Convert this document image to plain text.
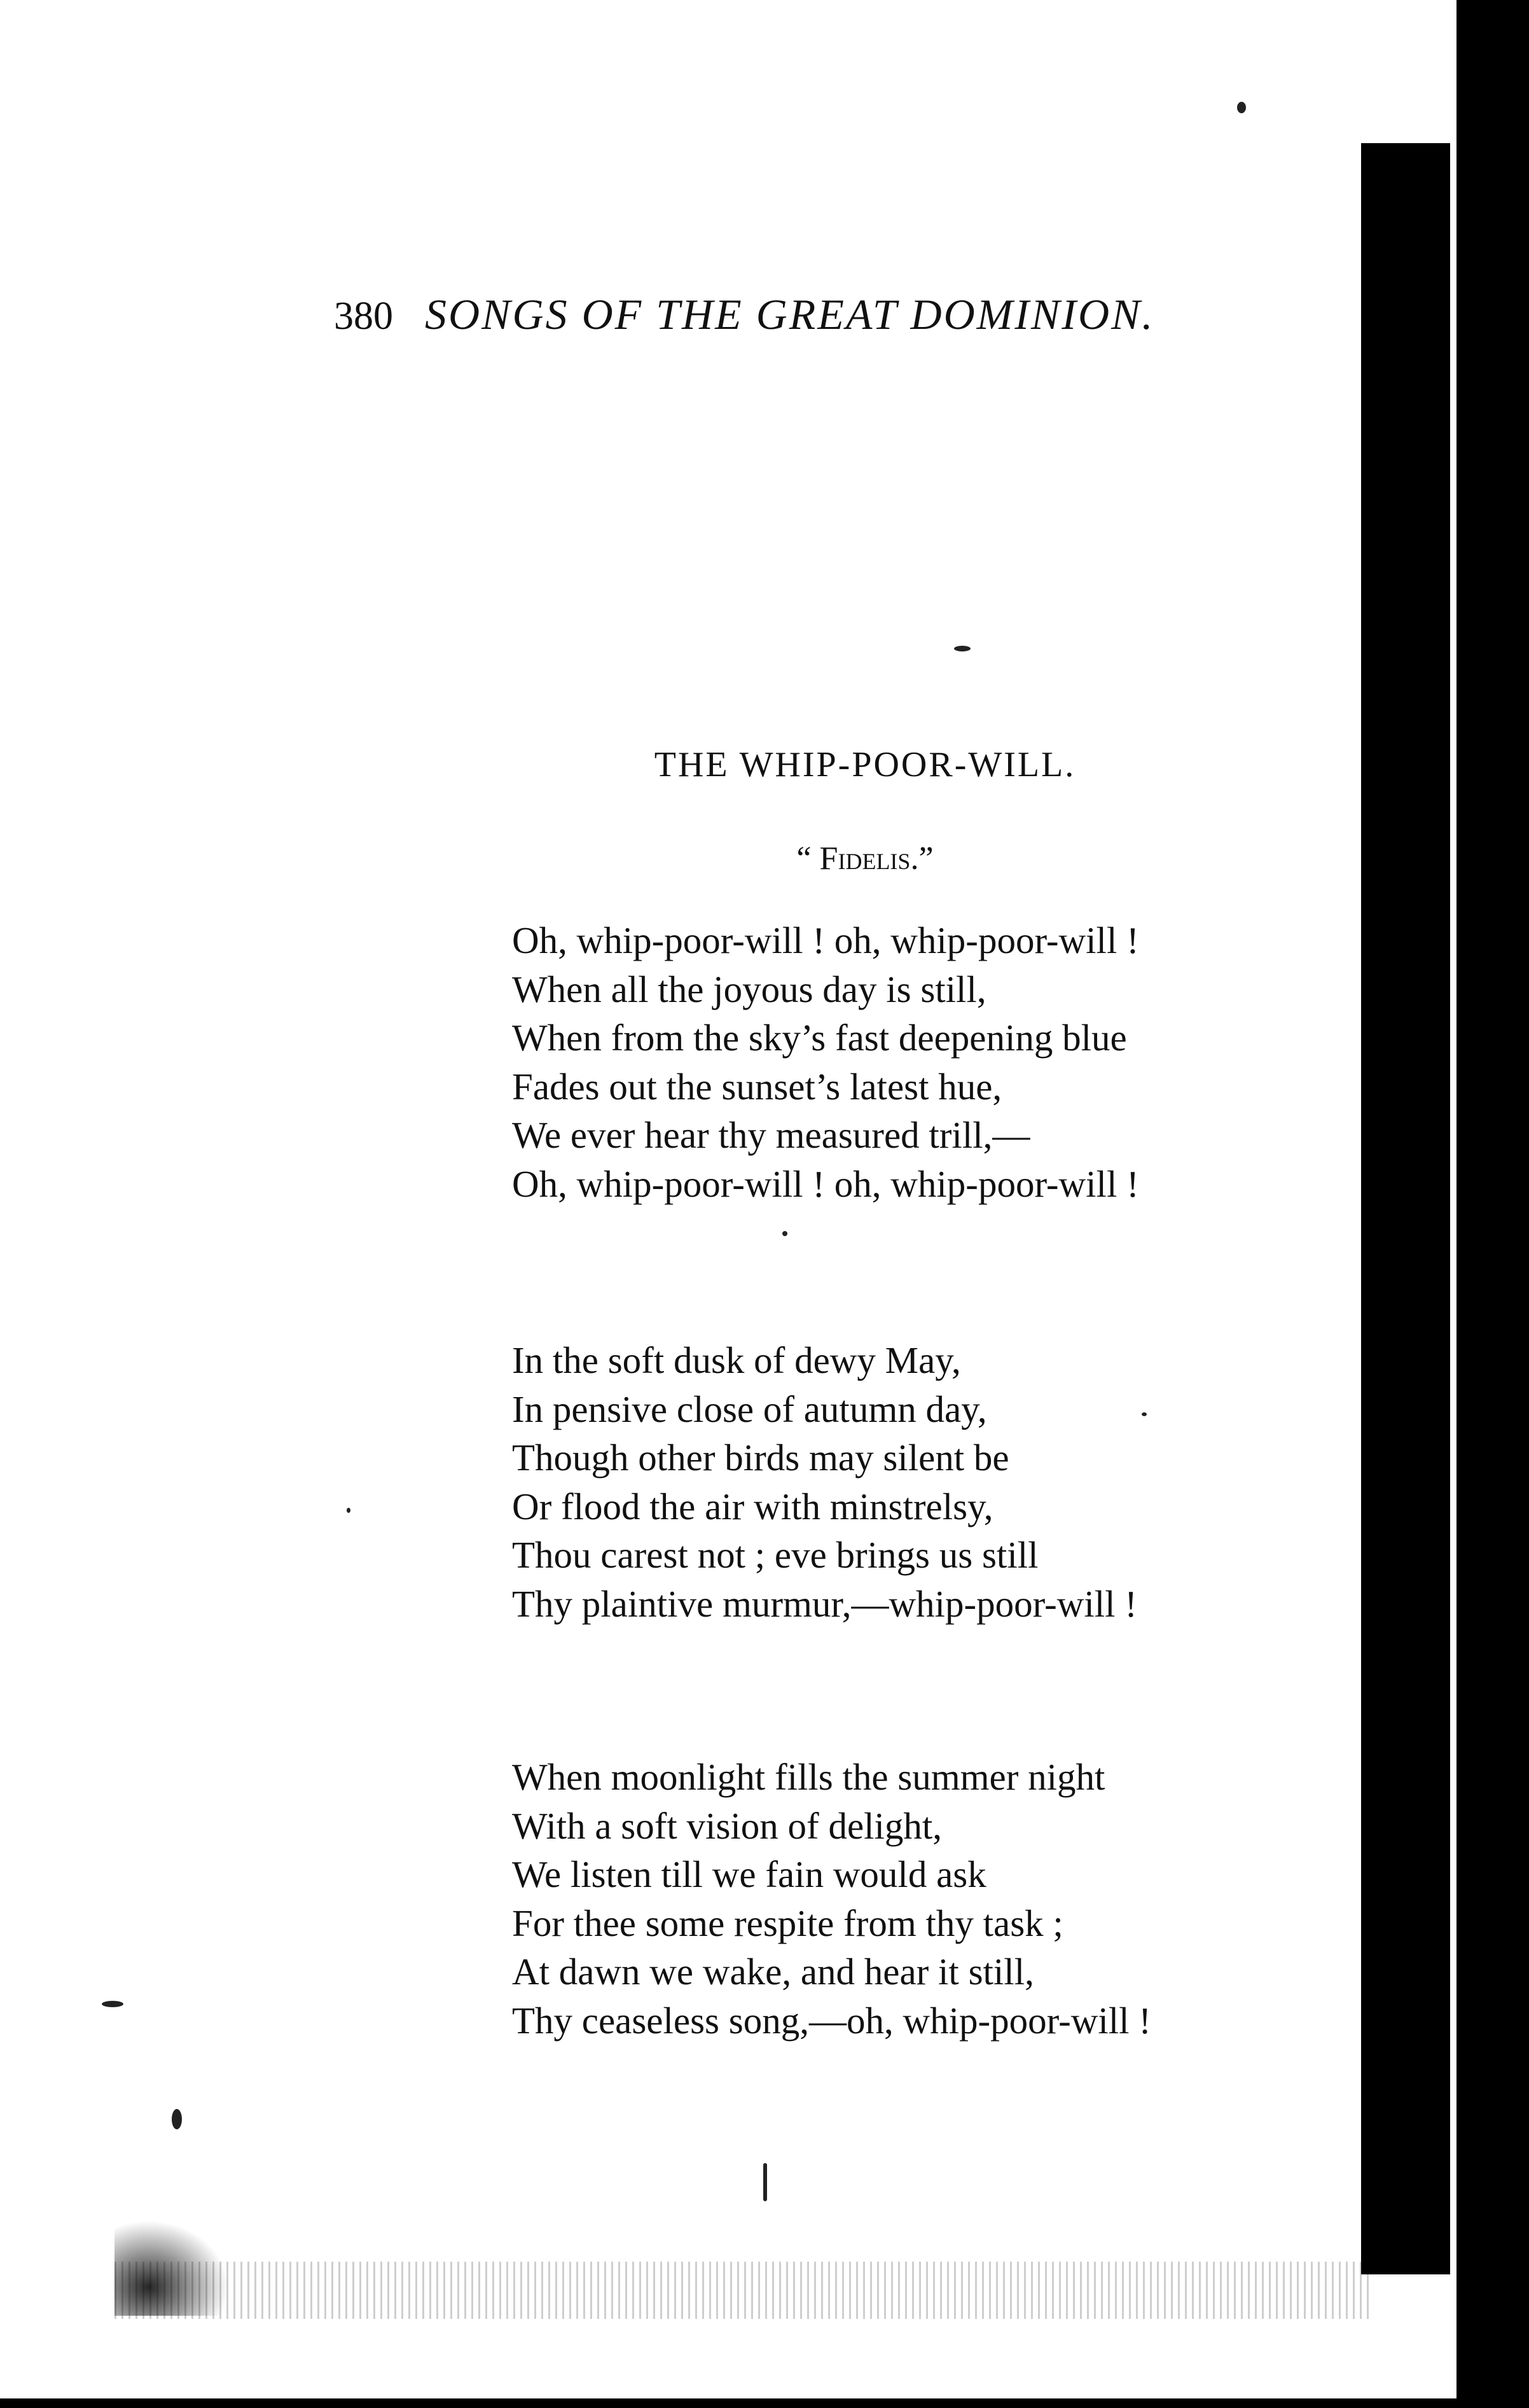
380 SONGS OF THE GREAT DOMINION.
THE WHIP-POOR-WILL.
“ Fidelis.”
Oh, whip-poor-will ! oh, whip-poor-will !
When all the joyous day is still,
When from the sky’s fast deepening blue
Fades out the sunset’s latest hue,
We ever hear thy measured trill,—
Oh, whip-poor-will ! oh, whip-poor-will !
In the soft dusk of dewy May,
In pensive close of autumn day,
Though other birds may silent be
Or flood the air with minstrelsy,
Thou carest not ; eve brings us still
Thy plaintive murmur,—whip-poor-will !
When moonlight fills the summer night
With a soft vision of delight,
We listen till we fain would ask
For thee some respite from thy task ;
At dawn we wake, and hear it still,
Thy ceaseless song,—oh, whip-poor-will !
